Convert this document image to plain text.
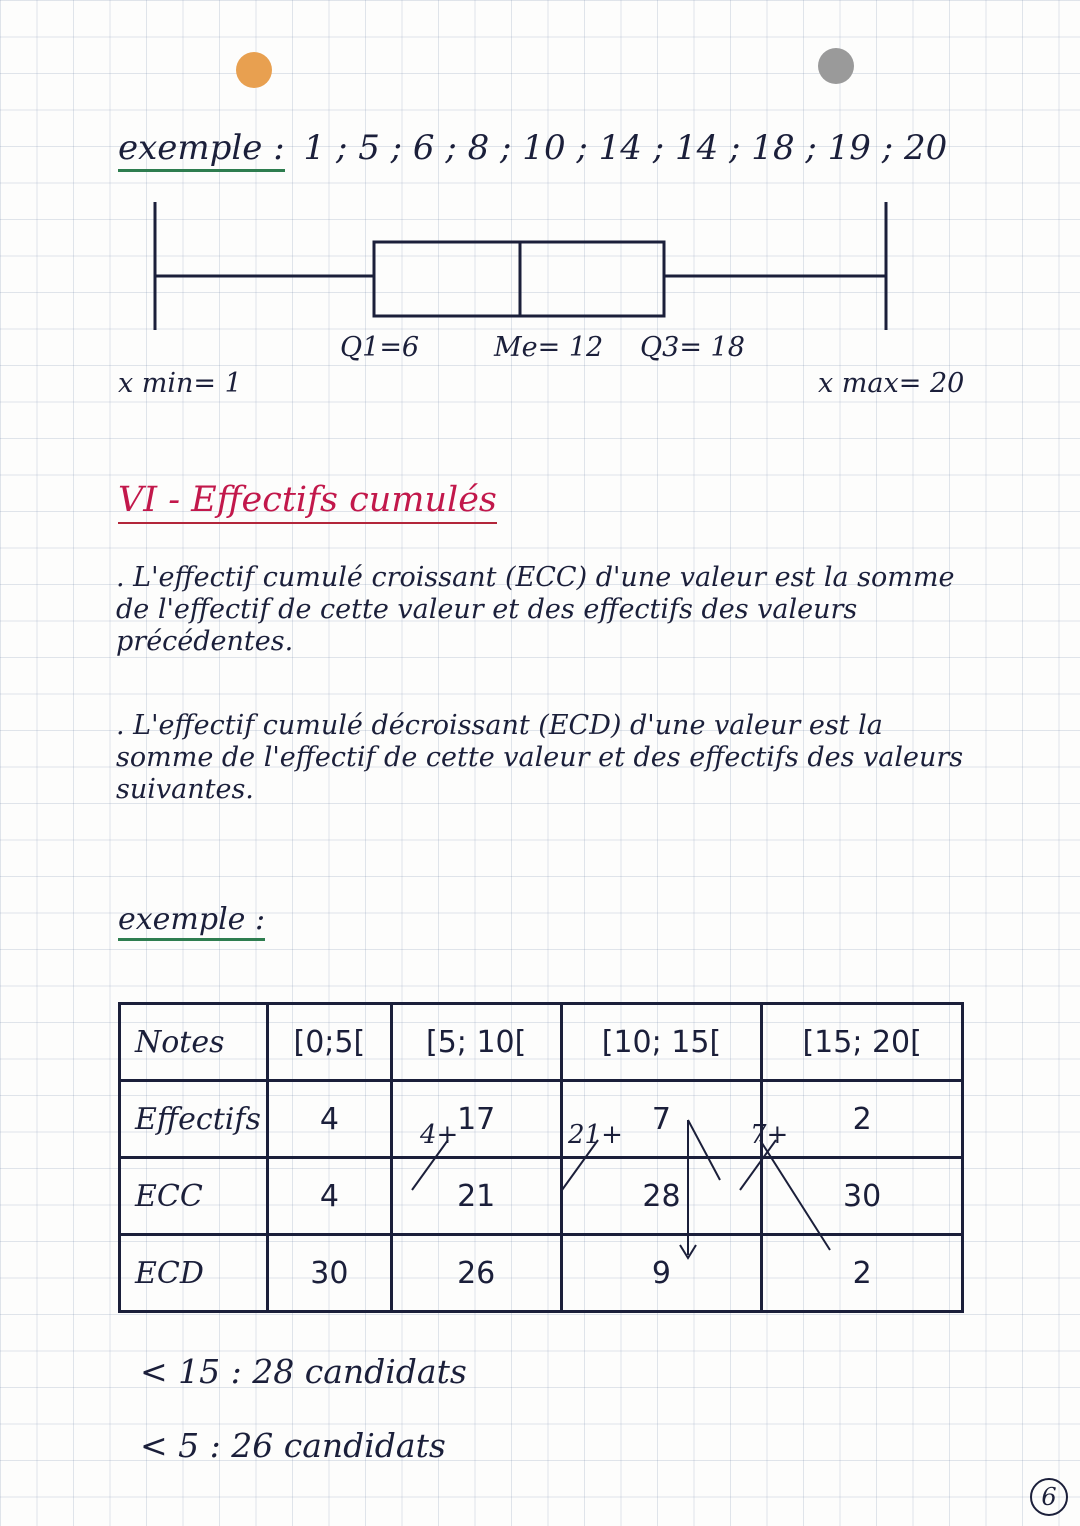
exemple : 1 ; 5 ; 6 ; 8 ; 10 ; 14 ; 14 ; 18 ; 19 ; 20
Q1=6	Me= 12 Q3= 18
x min= 1	x max= 20
VI - Effectifs cumulés
. L'effectif cumulé croissant (ECC) d'une valeur est la somme de l'effectif de cette valeur et des effectifs des valeurs précédentes.
. L'effectif cumulé décroissant (ECD) d'une valeur est la somme de l'effectif de cette valeur et des effectifs des valeurs suivantes.
exemple :
Notes	[0;5[	[5; 10[	[10; 15[	[15; 20[
Effectifs	4	17	7	2
ECC	4	21	28	30
ECD	30	26	9	2
4+	21+	7+
< 15 : 28 candidats
< 5 : 26 candidats
6
